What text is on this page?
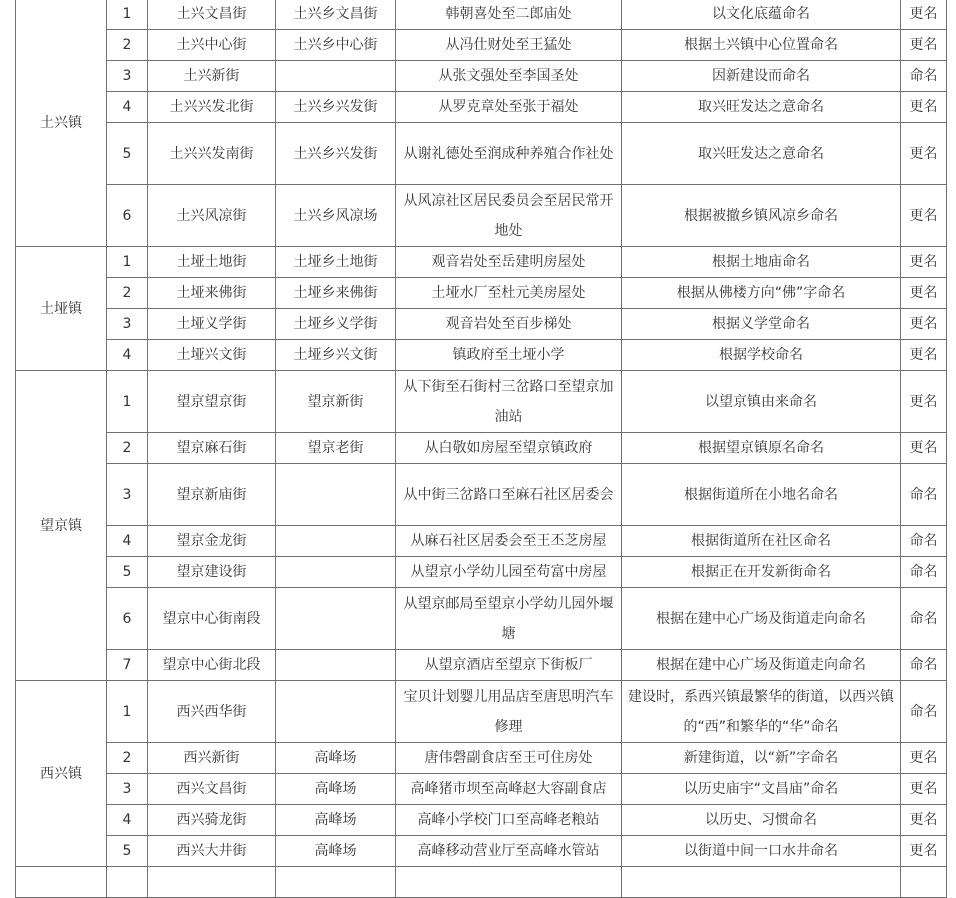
土兴镇	1	土兴文昌街	土兴乡文昌街	韩朝喜处至二郎庙处	以文化底蕴命名	更名
	2	土兴中心街	土兴乡中心街	从冯仕财处至王猛处	根据土兴镇中心位置命名	更名
	3	土兴新街		从张文强处至李国圣处	因新建设而命名	命名
	4	土兴兴发北街	土兴乡兴发街	从罗克章处至张于福处	取兴旺发达之意命名	更名
	5	土兴兴发南街	土兴乡兴发街	从谢礼德处至润成种养殖合作社处	取兴旺发达之意命名	更名
	6	土兴风凉街	土兴乡风凉场	从风凉社区居民委员会至居民常开地处	根据被撤乡镇风凉乡命名	更名
土垭镇	1	土垭土地街	土垭乡土地街	观音岩处至岳建明房屋处	根据土地庙命名	更名
	2	土垭来佛街	土垭乡来佛街	土垭水厂至杜元美房屋处	根据从佛楼方向“佛”字命名	更名
	3	土垭义学街	土垭乡义学街	观音岩处至百步梯处	根据义学堂命名	更名
	4	土垭兴文街	土垭乡兴文街	镇政府至土垭小学	根据学校命名	更名
望京镇	1	望京望京街	望京新街	从下街至石街村三岔路口至望京加油站	以望京镇由来命名	更名
	2	望京麻石街	望京老街	从白敬如房屋至望京镇政府	根据望京镇原名命名	更名
	3	望京新庙街		从中街三岔路口至麻石社区居委会	根据街道所在小地名命名	命名
	4	望京金龙街		从麻石社区居委会至王丕芝房屋	根据街道所在社区命名	命名
	5	望京建设街		从望京小学幼儿园至苟富中房屋	根据正在开发新街命名	命名
	6	望京中心街南段		从望京邮局至望京小学幼儿园外堰塘	根据在建中心广场及街道走向命名	命名
	7	望京中心街北段		从望京酒店至望京下街板厂	根据在建中心广场及街道走向命名	命名
西兴镇	1	西兴西华街		宝贝计划婴儿用品店至唐思明汽车修理	建设时，系西兴镇最繁华的街道，以西兴镇的“西”和繁华的“华”命名	命名
	2	西兴新街	高峰场	唐伟磬副食店至王可住房处	新建街道，以“新”字命名	更名
	3	西兴文昌街	高峰场	高峰猪市坝至高峰赵大容副食店	以历史庙宇“文昌庙”命名	更名
	4	西兴骑龙街	高峰场	高峰小学校门口至高峰老粮站	以历史、习惯命名	更名
	5	西兴大井街	高峰场	高峰移动营业厅至高峰水管站	以街道中间一口水井命名	更名
